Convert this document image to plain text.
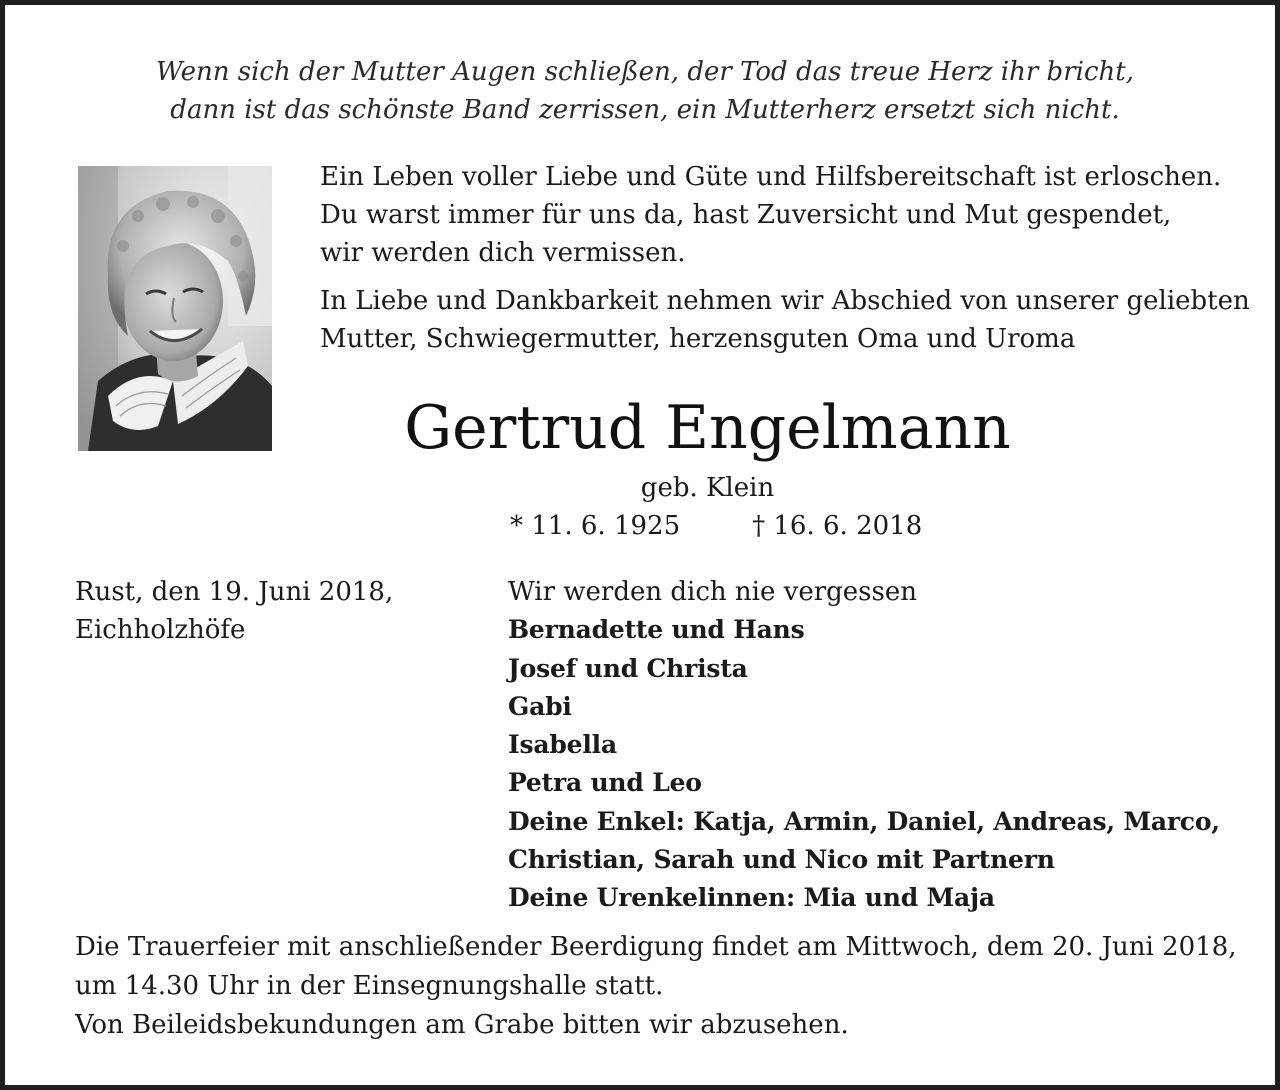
Wenn sich der Mutter Augen schließen, der Tod das treue Herz ihr bricht,
dann ist das schönste Band zerrissen, ein Mutterherz ersetzt sich nicht.
Ein Leben voller Liebe und Güte und Hilfsbereitschaft ist erloschen.
Du warst immer für uns da, hast Zuversicht und Mut gespendet,
wir werden dich vermissen.
In Liebe und Dankbarkeit nehmen wir Abschied von unserer geliebten
Mutter, Schwiegermutter, herzensguten Oma und Uroma
Gertrud Engelmann
geb. Klein
* 11. 6. 1925	† 16. 6. 2018
Rust, den 19. Juni 2018,
Eichholzhöfe
Wir werden dich nie vergessen
Bernadette und Hans
Josef und Christa
Gabi
Isabella
Petra und Leo
Deine Enkel: Katja, Armin, Daniel, Andreas, Marco,
Christian, Sarah und Nico mit Partnern
Deine Urenkelinnen: Mia und Maja
Die Trauerfeier mit anschließender Beerdigung findet am Mittwoch, dem 20. Juni 2018,
um 14.30 Uhr in der Einsegnungshalle statt.
Von Beileidsbekundungen am Grabe bitten wir abzusehen.
